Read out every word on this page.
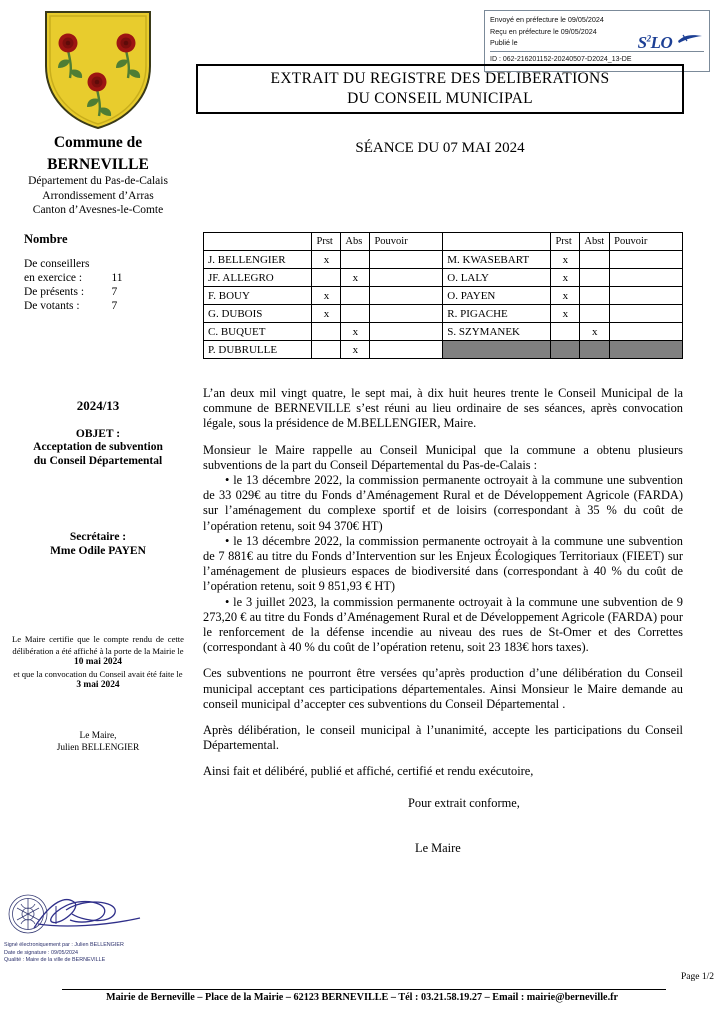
Envoyé en préfecture le 09/05/2024
Reçu en préfecture le 09/05/2024
Publié le
ID : 062-216201152-20240507-D2024_13-DE
$S^2LO$
EXTRAIT DU REGISTRE DES DELIBERATIONS
DU CONSEIL MUNICIPAL
SÉANCE DU 07 MAI 2024
Commune de
BERNEVILLE
Département du Pas-de-Calais
Arrondissement d’Arras
Canton d’Avesnes-le-Comte
Nombre
De conseillers	
en exercice :	11
De présents :	7
De votants :	7
2024/13
OBJET :
Acceptation de subvention
du Conseil Départemental
Secrétaire :
Mme Odile PAYEN
Le Maire certifie que le compte rendu de cette délibération a été affiché à la porte de la Mairie le
10 mai 2024
et que la convocation du Conseil avait été faite le
3 mai 2024
Le Maire,
Julien BELLENGIER
Signé électroniquement par : Julien BELLENGIER
Date de signature : 09/05/2024
Qualité : Maire de la ville de BERNEVILLE
	Prst	Abs	Pouvoir		Prst	Abst	Pouvoir
J. BELLENGIER	x			M. KWASEBART	x		
JF. ALLEGRO		x		O. LALY	x		
F. BOUY	x			O. PAYEN	x		
G. DUBOIS	x			R. PIGACHE	x		
C. BUQUET		x		S. SZYMANEK		x	
P. DUBRULLE		x					

L’an deux mil vingt quatre, le sept mai, à dix huit heures trente le Conseil Municipal de la commune de BERNEVILLE s’est réuni au lieu ordinaire de ses séances, après convocation légale, sous la présidence de M.BELLENGIER, Maire.

Monsieur le Maire rappelle au Conseil Municipal que la commune a obtenu plusieurs subventions de la part du Conseil Départemental du Pas-de-Calais :

• le 13 décembre 2022, la commission permanente octroyait à la commune une subvention de 33 029€ au titre du Fonds d’Aménagement Rural et de Développement Agricole (FARDA) sur l’aménagement du complexe sportif et de loisirs (correspondant à 35 % du coût de l’opération retenu, soit 94 370€ HT)

• le 13 décembre 2022, la commission permanente octroyait à la commune une subvention de 7 881€ au titre du Fonds d’Intervention sur les Enjeux Écologiques Territoriaux (FIEET) sur l’aménagement de plusieurs espaces de biodiversité dans (correspondant à 40 % du coût de l’opération retenu, soit 9 851,93 € HT)

• le 3 juillet 2023, la commission permanente octroyait à la commune une subvention de 9 273,20 € au titre du Fonds d’Aménagement Rural et de Développement Agricole (FARDA) pour le renforcement de la défense incendie au niveau des rues de St-Omer et des Correttes (correspondant à 40 % du coût de l’opération retenu, soit 23 183€ hors taxes).

Ces subventions ne pourront être versées qu’après production d’une délibération du Conseil municipal acceptant ces participations départementales. Ainsi Monsieur le Maire demande au conseil municipal d’accepter ces subventions du Conseil Départemental .

Après délibération, le conseil municipal à l’unanimité, accepte les participations du Conseil Départemental.

Ainsi fait et délibéré, publié et affiché, certifié et rendu exécutoire,

Pour extrait conforme,

Le Maire

Page 1/2
Mairie de Berneville – Place de la Mairie – 62123 BERNEVILLE – Tél : 03.21.58.19.27 – Email : mairie@berneville.fr
